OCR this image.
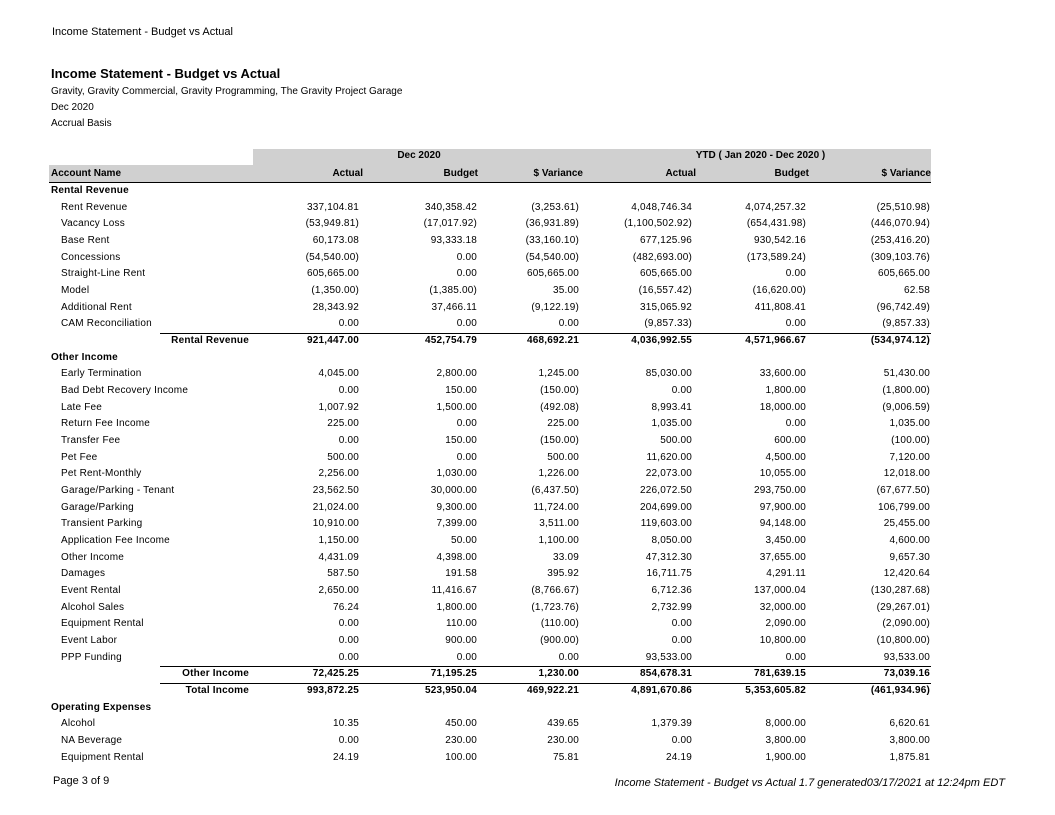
Income Statement - Budget vs Actual
Income Statement - Budget vs Actual
Gravity, Gravity Commercial, Gravity Programming, The Gravity Project Garage
Dec 2020
Accrual Basis
Dec 2020	YTD ( Jan 2020 - Dec 2020 )
Account Name	Actual	Budget	$ Variance	Actual	Budget	$ Variance
Rental Revenue
Rent Revenue	337,104.81	340,358.42	(3,253.61)	4,048,746.34	4,074,257.32	(25,510.98)
Vacancy Loss	(53,949.81)	(17,017.92)	(36,931.89)	(1,100,502.92)	(654,431.98)	(446,070.94)
Base Rent	60,173.08	93,333.18	(33,160.10)	677,125.96	930,542.16	(253,416.20)
Concessions	(54,540.00)	0.00	(54,540.00)	(482,693.00)	(173,589.24)	(309,103.76)
Straight-Line Rent	605,665.00	0.00	605,665.00	605,665.00	0.00	605,665.00
Model	(1,350.00)	(1,385.00)	35.00	(16,557.42)	(16,620.00)	62.58
Additional Rent	28,343.92	37,466.11	(9,122.19)	315,065.92	411,808.41	(96,742.49)
CAM Reconciliation	0.00	0.00	0.00	(9,857.33)	0.00	(9,857.33)
Rental Revenue	921,447.00	452,754.79	468,692.21	4,036,992.55	4,571,966.67	(534,974.12)
Other Income
Early Termination	4,045.00	2,800.00	1,245.00	85,030.00	33,600.00	51,430.00
Bad Debt Recovery Income	0.00	150.00	(150.00)	0.00	1,800.00	(1,800.00)
Late Fee	1,007.92	1,500.00	(492.08)	8,993.41	18,000.00	(9,006.59)
Return Fee Income	225.00	0.00	225.00	1,035.00	0.00	1,035.00
Transfer Fee	0.00	150.00	(150.00)	500.00	600.00	(100.00)
Pet Fee	500.00	0.00	500.00	11,620.00	4,500.00	7,120.00
Pet Rent-Monthly	2,256.00	1,030.00	1,226.00	22,073.00	10,055.00	12,018.00
Garage/Parking - Tenant	23,562.50	30,000.00	(6,437.50)	226,072.50	293,750.00	(67,677.50)
Garage/Parking	21,024.00	9,300.00	11,724.00	204,699.00	97,900.00	106,799.00
Transient Parking	10,910.00	7,399.00	3,511.00	119,603.00	94,148.00	25,455.00
Application Fee Income	1,150.00	50.00	1,100.00	8,050.00	3,450.00	4,600.00
Other Income	4,431.09	4,398.00	33.09	47,312.30	37,655.00	9,657.30
Damages	587.50	191.58	395.92	16,711.75	4,291.11	12,420.64
Event Rental	2,650.00	11,416.67	(8,766.67)	6,712.36	137,000.04	(130,287.68)
Alcohol Sales	76.24	1,800.00	(1,723.76)	2,732.99	32,000.00	(29,267.01)
Equipment Rental	0.00	110.00	(110.00)	0.00	2,090.00	(2,090.00)
Event Labor	0.00	900.00	(900.00)	0.00	10,800.00	(10,800.00)
PPP Funding	0.00	0.00	0.00	93,533.00	0.00	93,533.00
Other Income	72,425.25	71,195.25	1,230.00	854,678.31	781,639.15	73,039.16
Total Income	993,872.25	523,950.04	469,922.21	4,891,670.86	5,353,605.82	(461,934.96)
Operating Expenses
Alcohol	10.35	450.00	439.65	1,379.39	8,000.00	6,620.61
NA Beverage	0.00	230.00	230.00	0.00	3,800.00	3,800.00
Equipment Rental	24.19	100.00	75.81	24.19	1,900.00	1,875.81
Page 3 of 9	Income Statement - Budget vs Actual 1.7 generated03/17/2021 at 12:24pm EDT
